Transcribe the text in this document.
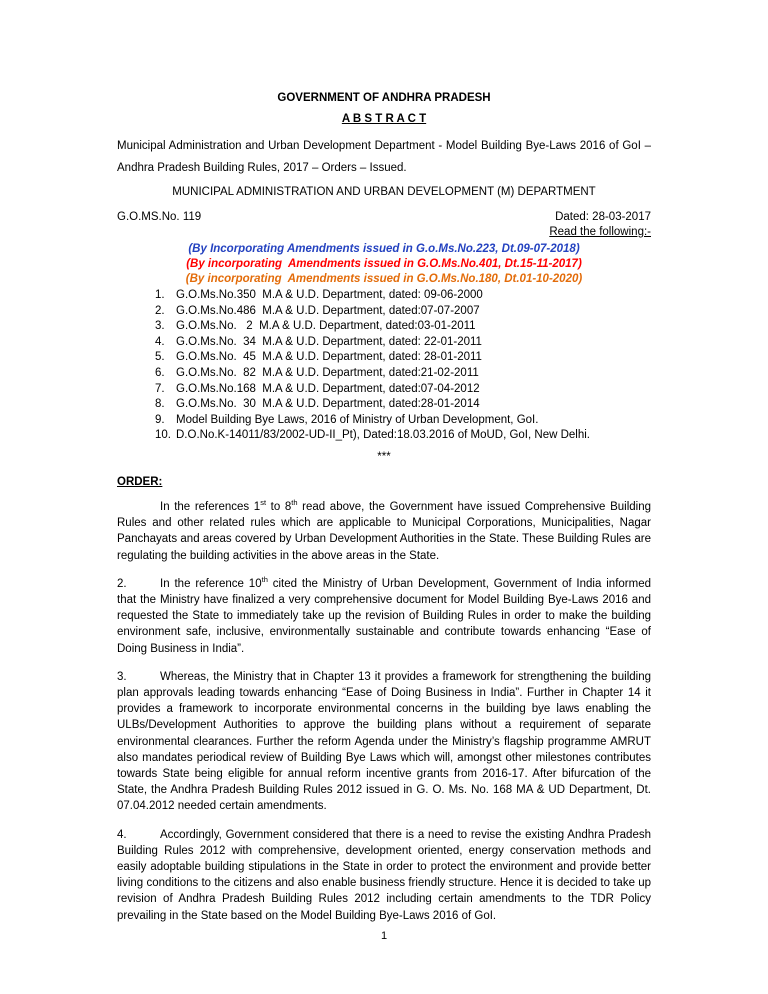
GOVERNMENT OF ANDHRA PRADESH
A B S T R A C T

Municipal Administration and Urban Development Department - Model Building Bye-Laws 2016 of GoI – Andhra Pradesh Building Rules, 2017 – Orders – Issued.

MUNICIPAL ADMINISTRATION AND URBAN DEVELOPMENT (M) DEPARTMENT
G.O.MS.No. 119	Dated: 28-03-2017
Read the following:-
(By Incorporating Amendments issued in G.o.Ms.No.223, Dt.09-07-2018)
(By incorporating  Amendments issued in G.O.Ms.No.401, Dt.15-11-2017)
(By incorporating  Amendments issued in G.O.Ms.No.180, Dt.01-10-2020)
1. G.O.Ms.No.350  M.A & U.D. Department, dated: 09-06-2000
2. G.O.Ms.No.486  M.A & U.D. Department, dated:07-07-2007
3. G.O.Ms.No.   2  M.A & U.D. Department, dated:03-01-2011
4. G.O.Ms.No.  34  M.A & U.D. Department, dated: 22-01-2011
5. G.O.Ms.No.  45  M.A & U.D. Department, dated: 28-01-2011
6. G.O.Ms.No.  82  M.A & U.D. Department, dated:21-02-2011
7. G.O.Ms.No.168  M.A & U.D. Department, dated:07-04-2012
8. G.O.Ms.No.  30  M.A & U.D. Department, dated:28-01-2014
9. Model Building Bye Laws, 2016 of Ministry of Urban Development, GoI.
10. D.O.No.K-14011/83/2002-UD-II_Pt), Dated:18.03.2016 of MoUD, GoI, New Delhi.
***
ORDER:

In the references 1st to 8th read above, the Government have issued Comprehensive Building Rules and other related rules which are applicable to Municipal Corporations, Municipalities, Nagar Panchayats and areas covered by Urban Development Authorities in the State. These Building Rules are regulating the building activities in the above areas in the State.

2.	In the reference 10th cited the Ministry of Urban Development, Government of India informed that the Ministry have finalized a very comprehensive document for Model Building Bye-Laws 2016 and requested the State to immediately take up the revision of Building Rules in order to make the building environment safe, inclusive, environmentally sustainable and contribute towards enhancing “Ease of Doing Business in India”.

3.	Whereas, the Ministry that in Chapter 13 it provides a framework for strengthening the building plan approvals leading towards enhancing “Ease of Doing Business in India”. Further in Chapter 14 it provides a framework to incorporate environmental concerns in the building bye laws enabling the ULBs/Development Authorities to approve the building plans without a requirement of separate environmental clearances. Further the reform Agenda under the Ministry’s flagship programme AMRUT also mandates periodical review of Building Bye Laws which will, amongst other milestones contributes towards State being eligible for annual reform incentive grants from 2016-17. After bifurcation of the State, the Andhra Pradesh Building Rules 2012 issued in G. O. Ms. No. 168 MA & UD Department, Dt. 07.04.2012 needed certain amendments.

4.	Accordingly, Government considered that there is a need to revise the existing Andhra Pradesh Building Rules 2012 with comprehensive, development oriented, energy conservation methods and easily adoptable building stipulations in the State in order to protect the environment and provide better living conditions to the citizens and also enable business friendly structure. Hence it is decided to take up revision of Andhra Pradesh Building Rules 2012 including certain amendments to the TDR Policy prevailing in the State based on the Model Building Bye-Laws 2016 of GoI.

1
